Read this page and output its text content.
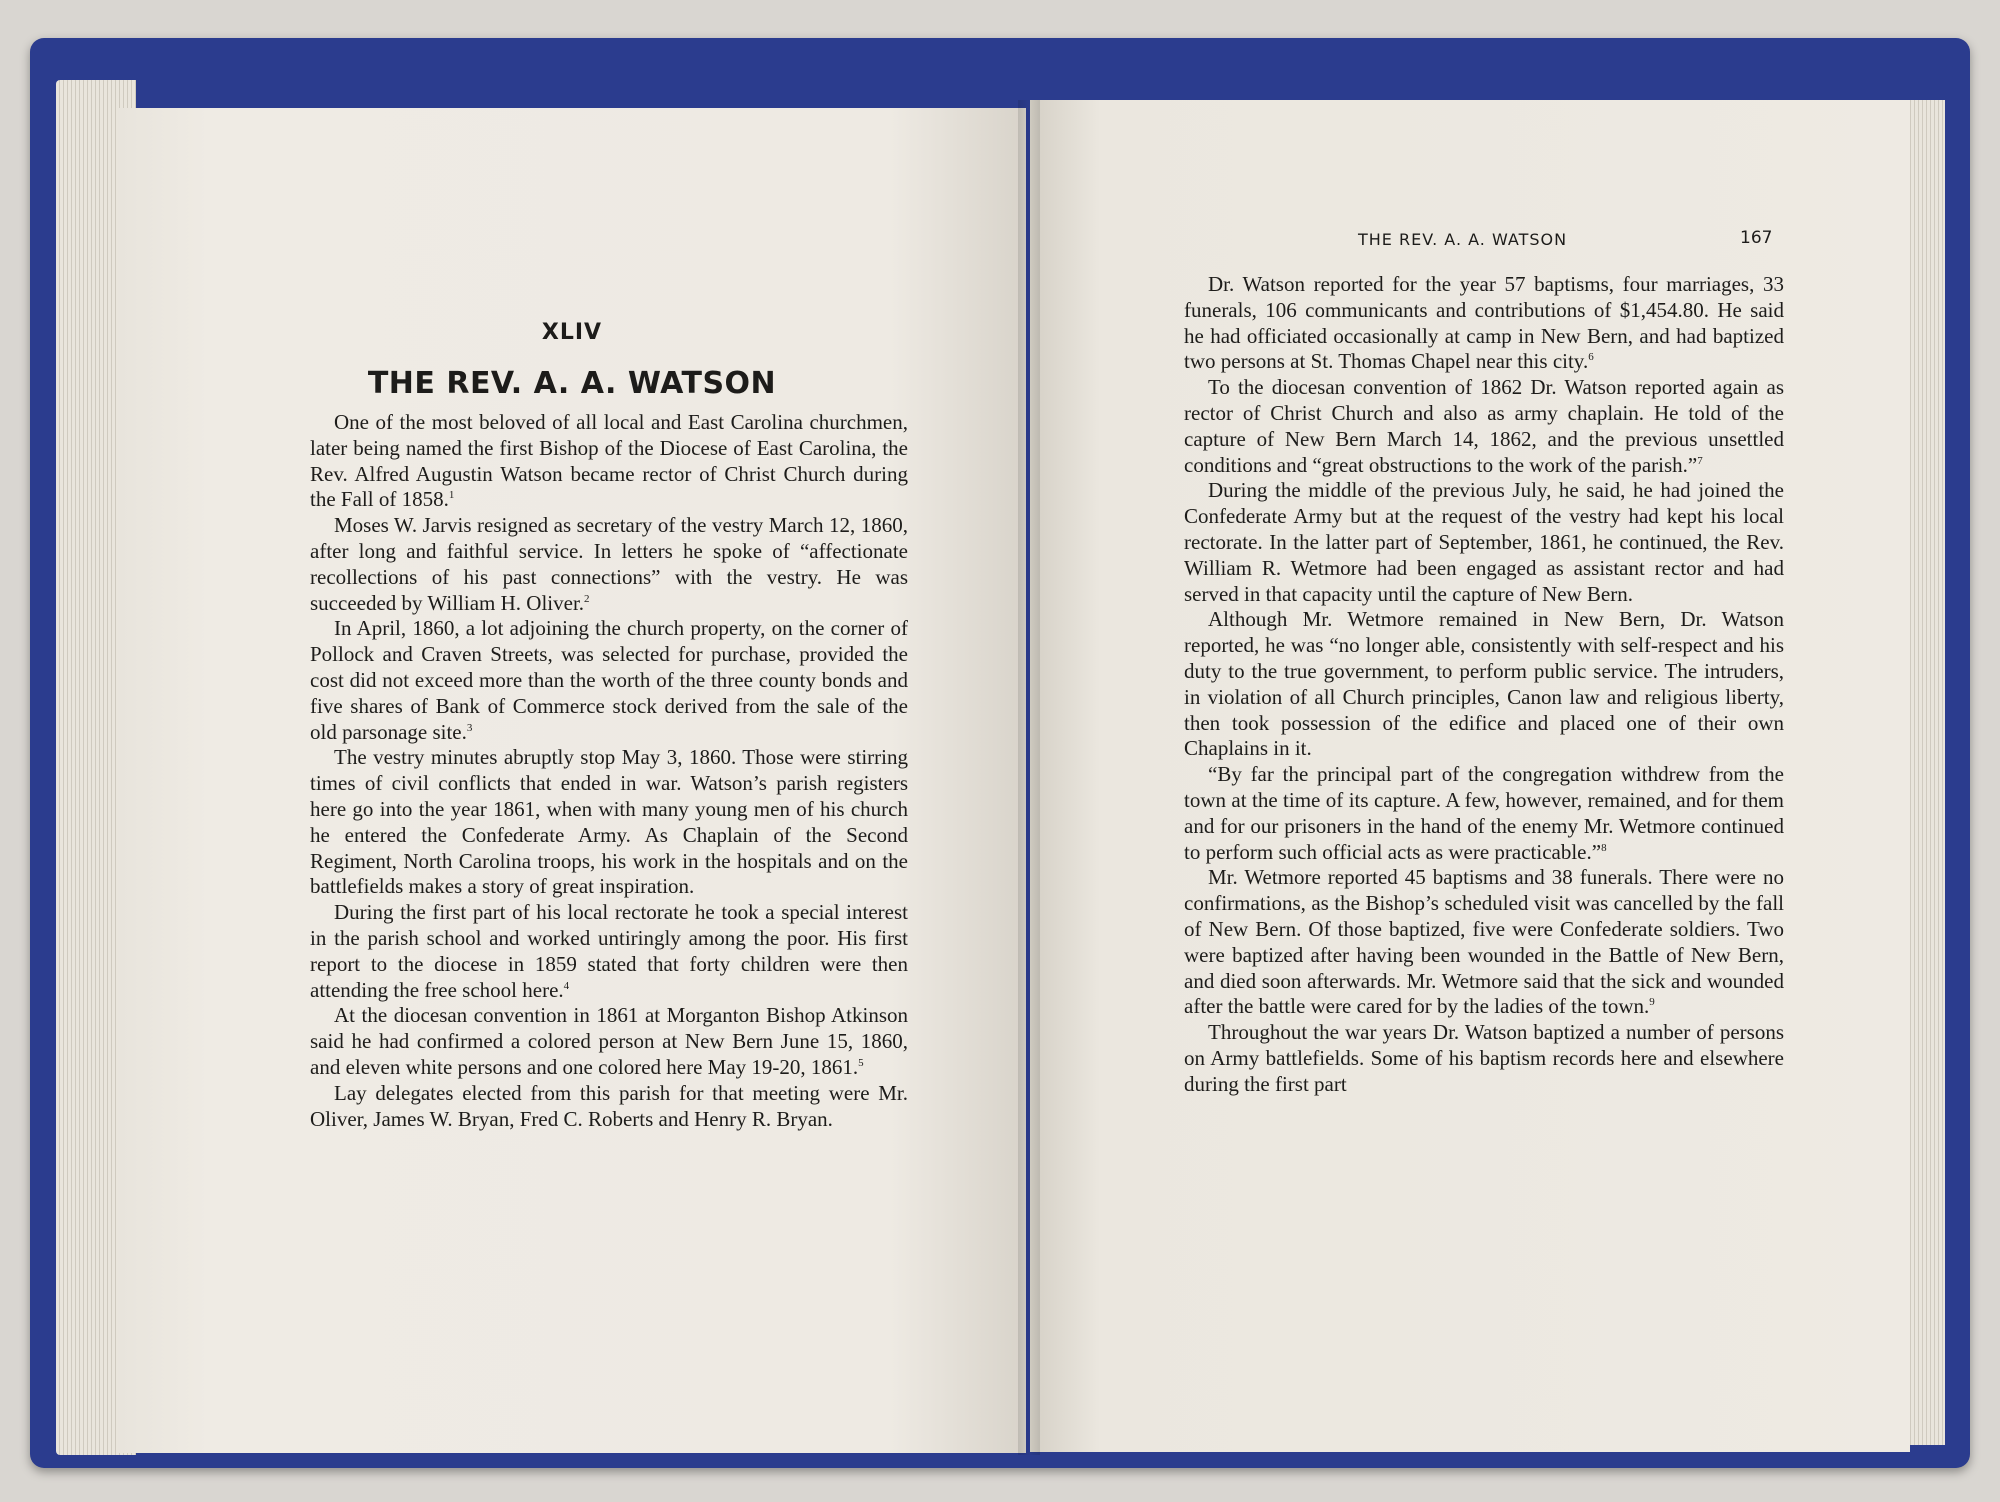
XLIV
THE REV. A. A. WATSON

One of the most beloved of all local and East Carolina churchmen, later being named the first Bishop of the Diocese of East Carolina, the Rev. Alfred Augustin Watson became rector of Christ Church during the Fall of 1858.$^1$

Moses W. Jarvis resigned as secretary of the vestry March 12, 1860, after long and faithful service. In letters he spoke of “affectionate recollections of his past connections” with the vestry. He was succeeded by William H. Oliver.$^2$

In April, 1860, a lot adjoining the church property, on the corner of Pollock and Craven Streets, was selected for purchase, provided the cost did not exceed more than the worth of the three county bonds and five shares of Bank of Commerce stock derived from the sale of the old parsonage site.$^3$

The vestry minutes abruptly stop May 3, 1860. Those were stirring times of civil conflicts that ended in war. Watson’s parish registers here go into the year 1861, when with many young men of his church he entered the Confederate Army. As Chaplain of the Second Regiment, North Carolina troops, his work in the hospitals and on the battlefields makes a story of great inspiration.

During the first part of his local rectorate he took a special interest in the parish school and worked untiringly among the poor. His first report to the diocese in 1859 stated that forty children were then attending the free school here.$^4$

At the diocesan convention in 1861 at Morganton Bishop Atkinson said he had confirmed a colored person at New Bern June 15, 1860, and eleven white persons and one colored here May 19-20, 1861.$^5$

Lay delegates elected from this parish for that meeting were Mr. Oliver, James W. Bryan, Fred C. Roberts and Henry R. Bryan.

THE REV. A. A. WATSON	167

Dr. Watson reported for the year 57 baptisms, four marriages, 33 funerals, 106 communicants and contributions of $1,454.80. He said he had officiated occasionally at camp in New Bern, and had baptized two persons at St. Thomas Chapel near this city.$^6$

To the diocesan convention of 1862 Dr. Watson reported again as rector of Christ Church and also as army chaplain. He told of the capture of New Bern March 14, 1862, and the previous unsettled conditions and “great obstructions to the work of the parish.”$^7$

During the middle of the previous July, he said, he had joined the Confederate Army but at the request of the vestry had kept his local rectorate. In the latter part of September, 1861, he continued, the Rev. William R. Wetmore had been engaged as assistant rector and had served in that capacity until the capture of New Bern.

Although Mr. Wetmore remained in New Bern, Dr. Watson reported, he was “no longer able, consistently with self-respect and his duty to the true government, to perform public service. The intruders, in violation of all Church principles, Canon law and religious liberty, then took possession of the edifice and placed one of their own Chaplains in it.

“By far the principal part of the congregation withdrew from the town at the time of its capture. A few, however, remained, and for them and for our prisoners in the hand of the enemy Mr. Wetmore continued to perform such official acts as were practicable.”$^8$

Mr. Wetmore reported 45 baptisms and 38 funerals. There were no confirmations, as the Bishop’s scheduled visit was cancelled by the fall of New Bern. Of those baptized, five were Confederate soldiers. Two were baptized after having been wounded in the Battle of New Bern, and died soon afterwards. Mr. Wetmore said that the sick and wounded after the battle were cared for by the ladies of the town.$^9$

Throughout the war years Dr. Watson baptized a number of persons on Army battlefields. Some of his baptism records here and elsewhere during the first part
